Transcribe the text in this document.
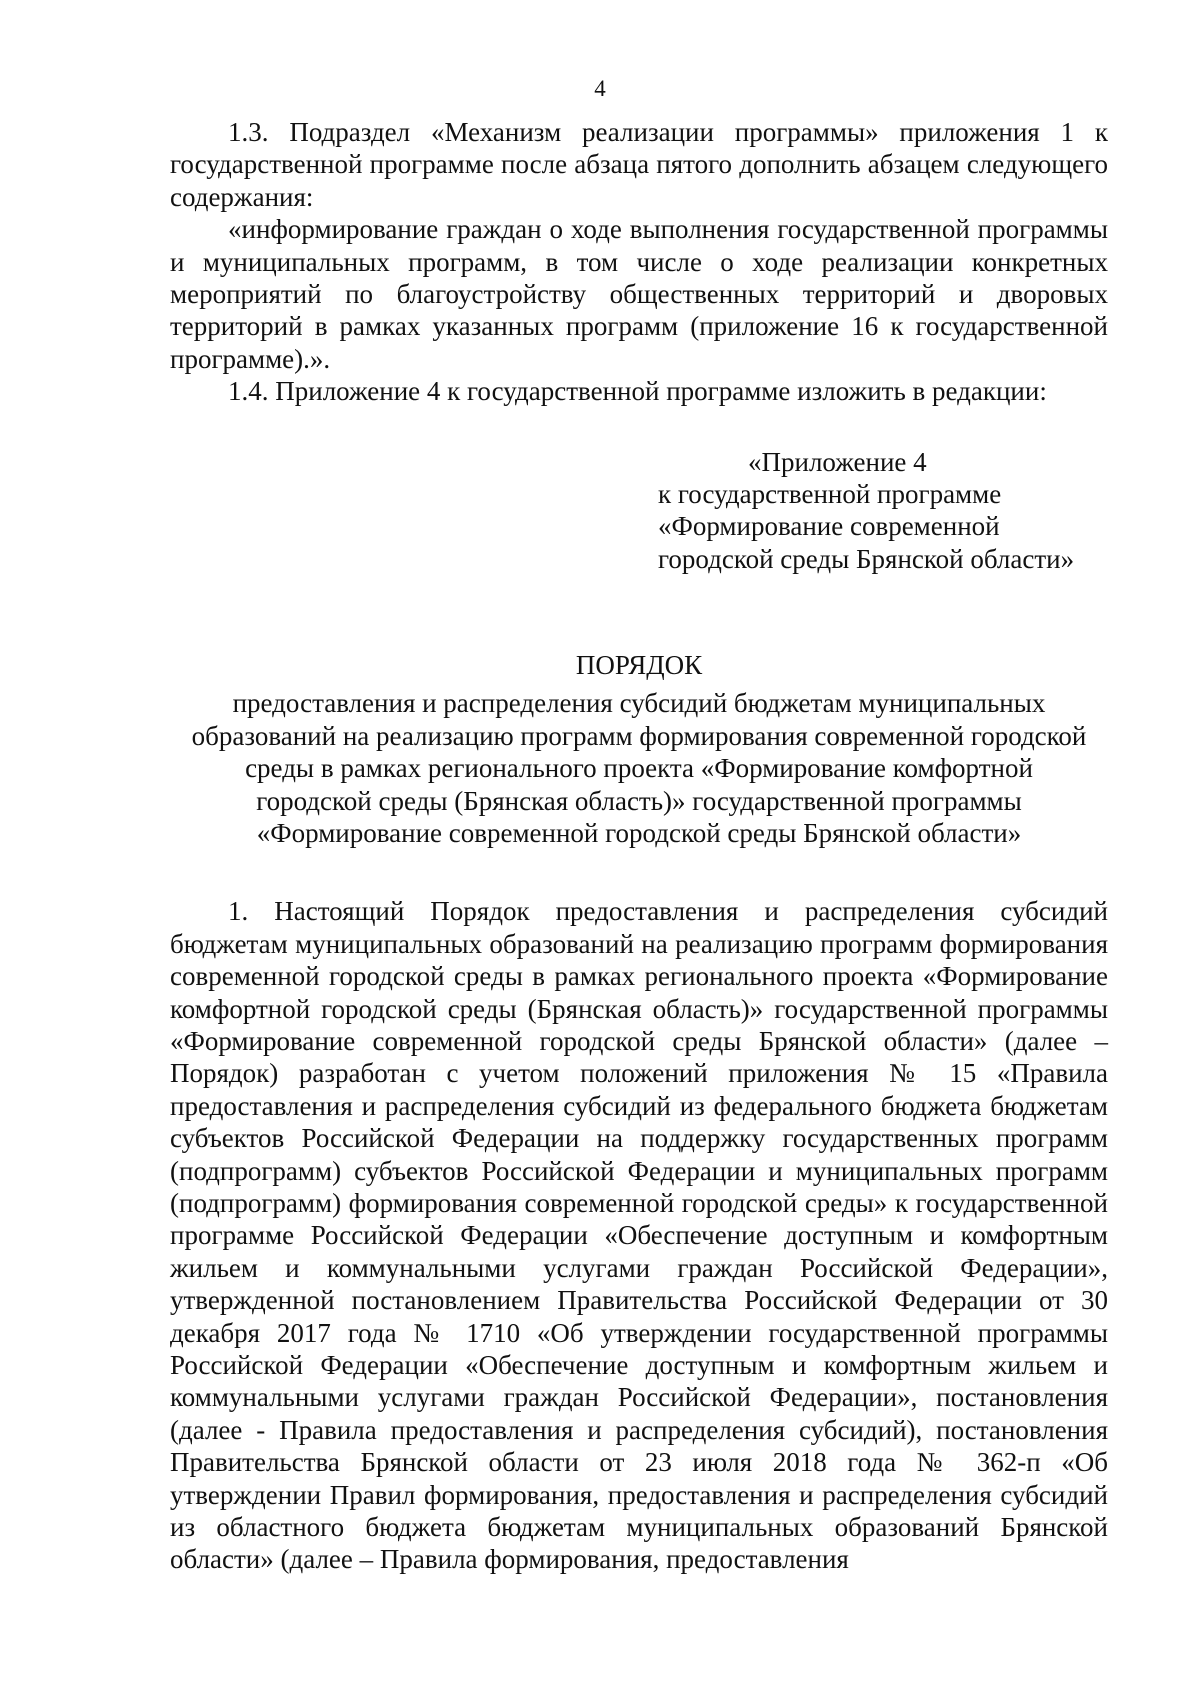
4

1.3. Подраздел «Механизм реализации программы» приложения 1 к государственной программе после абзаца пятого дополнить абзацем следующего содержания:

«информирование граждан о ходе выполнения государственной программы и муниципальных программ, в том числе о ходе реализации конкретных мероприятий по благоустройству общественных территорий и дворовых территорий в рамках указанных программ (приложение 16 к государственной программе).».

1.4. Приложение 4 к государственной программе изложить в редакции:

«Приложение 4
к государственной программе
«Формирование современной
городской среды Брянской области»
ПОРЯДОК
предоставления и распределения субсидий бюджетам муниципальных
образований на реализацию программ формирования современной городской
среды в рамках регионального проекта «Формирование комфортной
городской среды (Брянская область)» государственной программы
«Формирование современной городской среды Брянской области»

1. Настоящий Порядок предоставления и распределения субсидий бюджетам муниципальных образований на реализацию программ формирования современной городской среды в рамках регионального проекта «Формирование комфортной городской среды (Брянская область)» государственной программы «Формирование современной городской среды Брянской области» (далее – Порядок) разработан с учетом положений приложения № 15 «Правила предоставления и распределения субсидий из федерального бюджета бюджетам субъектов Российской Федерации на поддержку государственных программ (подпрограмм) субъектов Российской Федерации и муниципальных программ (подпрограмм) формирования современной городской среды» к государственной программе Российской Федерации «Обеспечение доступным и комфортным жильем и коммунальными услугами граждан Российской Федерации», утвержденной постановлением Правительства Российской Федерации от 30 декабря 2017 года № 1710 «Об утверждении государственной программы Российской Федерации «Обеспечение доступным и комфортным жильем и коммунальными услугами граждан Российской Федерации», постановления (далее - Правила предоставления и распределения субсидий), постановления Правительства Брянской области от 23 июля 2018 года № 362-п «Об утверждении Правил формирования, предоставления и распределения субсидий из областного бюджета бюджетам муниципальных образований Брянской области» (далее – Правила формирования, предоставления
